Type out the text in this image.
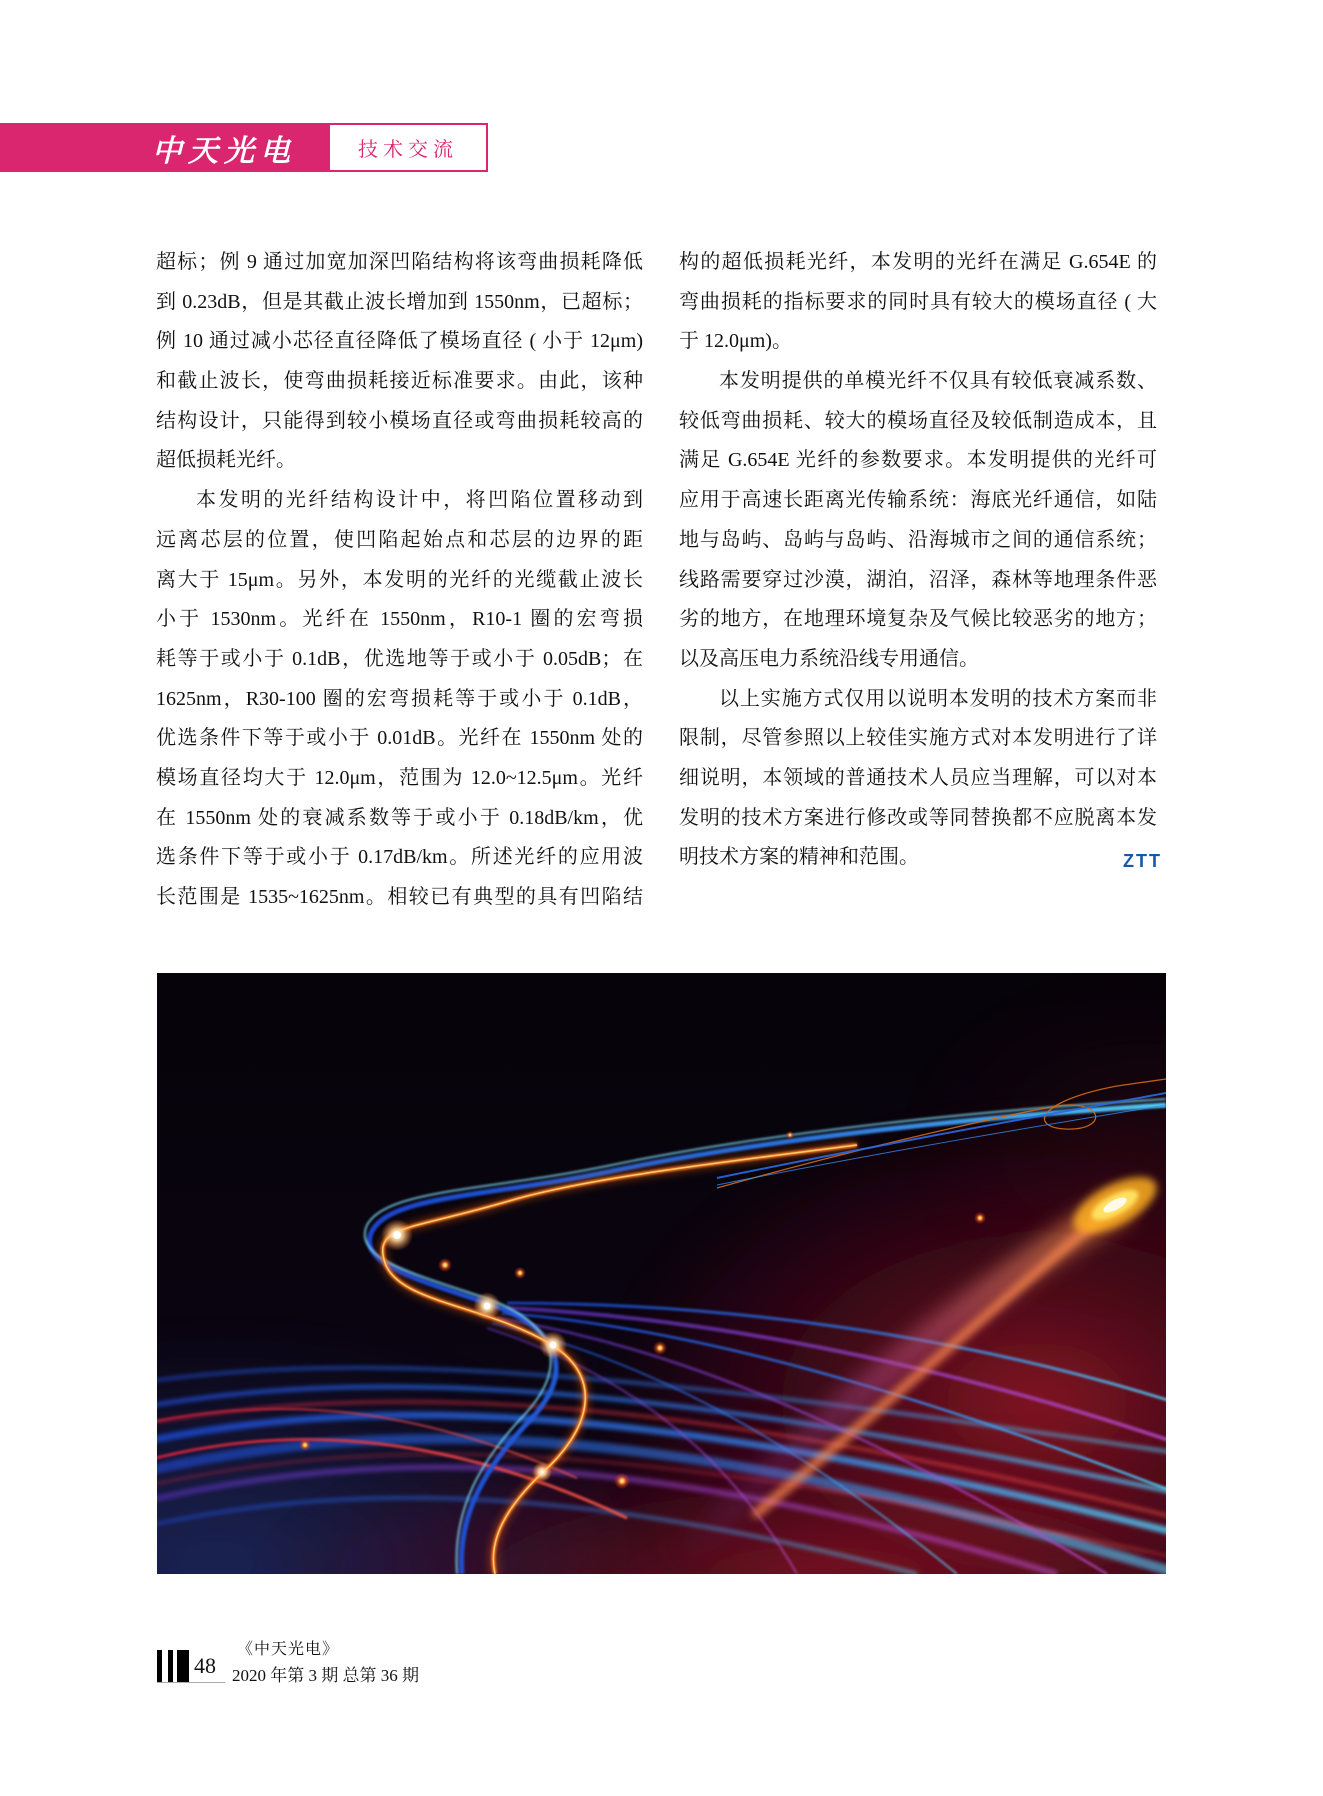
中天光电	技术交流
超标；例 9 通过加宽加深凹陷结构将该弯曲损耗降低
到 0.23dB，但是其截止波长增加到 1550nm，已超标；
例 10 通过减小芯径直径降低了模场直径 ( 小于 12μm)
和截止波长，使弯曲损耗接近标准要求。由此，该种
结构设计，只能得到较小模场直径或弯曲损耗较高的
超低损耗光纤。
本发明的光纤结构设计中，将凹陷位置移动到
远离芯层的位置，使凹陷起始点和芯层的边界的距
离大于 15μm。另外，本发明的光纤的光缆截止波长
小于 1530nm。光纤在 1550nm，R10-1 圈的宏弯损
耗等于或小于 0.1dB，优选地等于或小于 0.05dB；在
1625nm，R30-100 圈的宏弯损耗等于或小于 0.1dB，
优选条件下等于或小于 0.01dB。光纤在 1550nm 处的
模场直径均大于 12.0μm，范围为 12.0~12.5μm。光纤
在 1550nm 处的衰减系数等于或小于 0.18dB/km，优
选条件下等于或小于 0.17dB/km。所述光纤的应用波
长范围是 1535~1625nm。相较已有典型的具有凹陷结
构的超低损耗光纤，本发明的光纤在满足 G.654E 的
弯曲损耗的指标要求的同时具有较大的模场直径 ( 大
于 12.0μm)。
本发明提供的单模光纤不仅具有较低衰减系数、
较低弯曲损耗、较大的模场直径及较低制造成本，且
满足 G.654E 光纤的参数要求。本发明提供的光纤可
应用于高速长距离光传输系统：海底光纤通信，如陆
地与岛屿、岛屿与岛屿、沿海城市之间的通信系统；
线路需要穿过沙漠，湖泊，沼泽，森林等地理条件恶
劣的地方，在地理环境复杂及气候比较恶劣的地方；
以及高压电力系统沿线专用通信。
以上实施方式仅用以说明本发明的技术方案而非
限制，尽管参照以上较佳实施方式对本发明进行了详
细说明，本领域的普通技术人员应当理解，可以对本
发明的技术方案进行修改或等同替换都不应脱离本发
明技术方案的精神和范围。	ZTT
48
《中天光电》
2020 年第 3 期 总第 36 期
